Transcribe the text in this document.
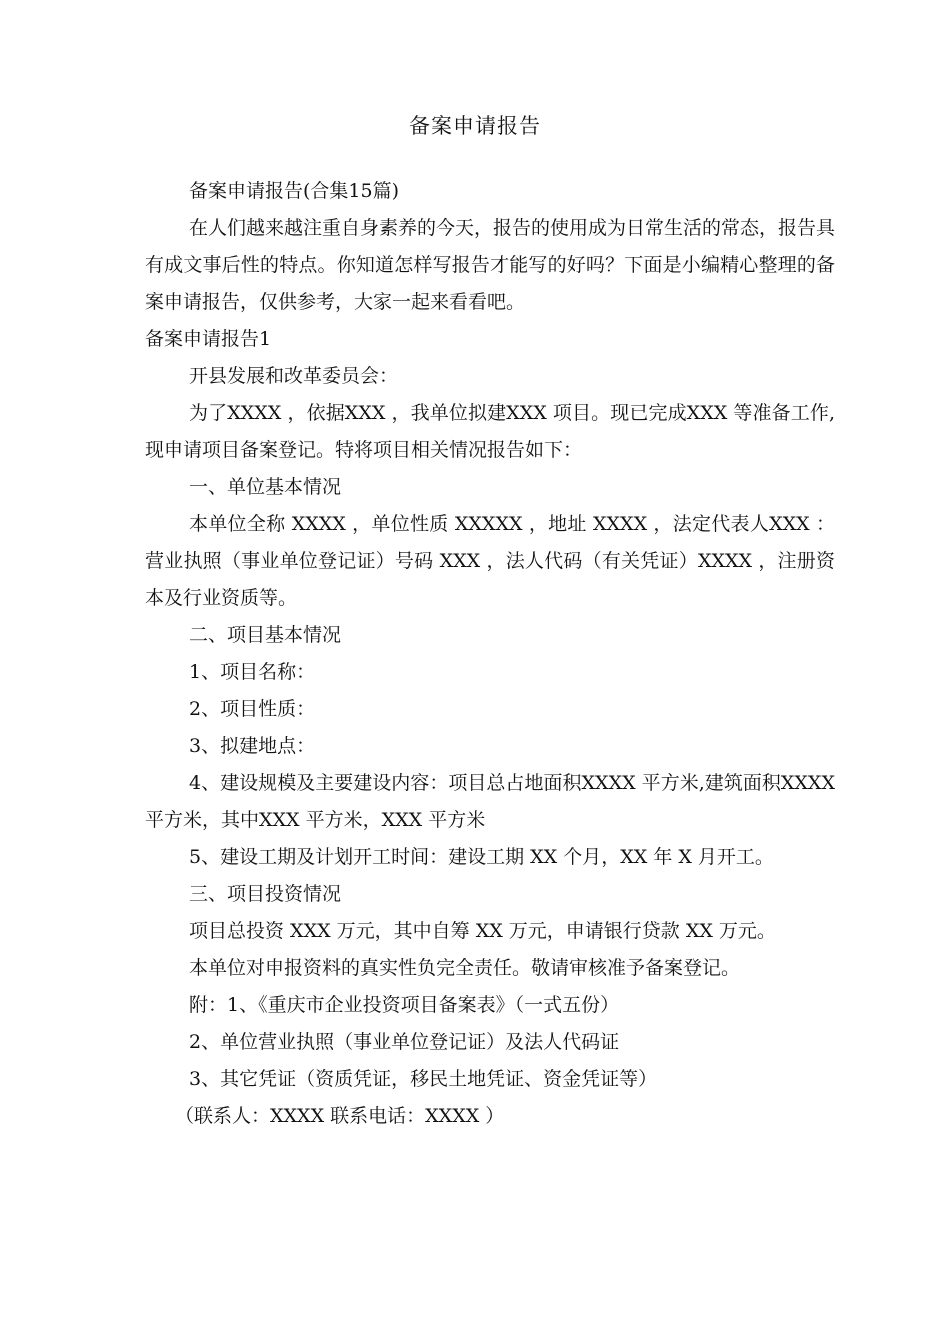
备案申请报告

备案申请报告(合集15篇)

在人们越来越注重自身素养的今天，报告的使用成为日常生活的常态，报告具有成文事后性的特点。你知道怎样写报告才能写的好吗？下面是小编精心整理的备案申请报告，仅供参考，大家一起来看看吧。

备案申请报告1

开县发展和改革委员会：

为了XXXX ，依据XXX ，我单位拟建XXX 项目。现已完成XXX 等准备工作,现申请项目备案登记。特将项目相关情况报告如下：

一、单位基本情况

本单位全称 XXXX ，单位性质 XXXXX ，地址 XXXX ，法定代表人XXX ：营业执照（事业单位登记证）号码 XXX ，法人代码（有关凭证）XXXX ，注册资本及行业资质等。

二、项目基本情况

1、项目名称：

2、项目性质：

3、拟建地点：

4、建设规模及主要建设内容：项目总占地面积XXXX 平方米,建筑面积XXXX 平方米，其中XXX 平方米，XXX 平方米

5、建设工期及计划开工时间：建设工期 XX 个月，XX 年 X 月开工。

三、项目投资情况

项目总投资 XXX 万元，其中自筹 XX 万元，申请银行贷款 XX 万元。

本单位对申报资料的真实性负完全责任。敬请审核准予备案登记。

附：1、《重庆市企业投资项目备案表》（一式五份）

2、单位营业执照（事业单位登记证）及法人代码证

3、其它凭证（资质凭证，移民土地凭证、资金凭证等）

（联系人：XXXX 联系电话：XXXX ）
